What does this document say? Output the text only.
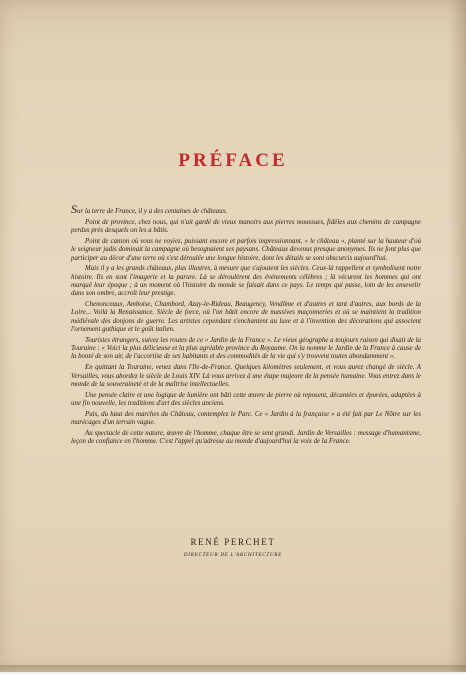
PRÉFACE

Sur la terre de France, il y a des centaines de châteaux.

Point de province, chez nous, qui n'ait gardé de vieux manoirs aux pierres moussues, fidèles aux chemins de campagne perdus près desquels on les a bâtis.

Point de canton où vous ne voyiez, puissant encore et parfois impressionnant, « le château », planté sur la hauteur d'où le seigneur jadis dominait la campagne où besognaient ses paysans. Châteaux devenus presque anonymes. Ils ne font plus que participer au décor d'une terre où s'est déroulée une longue histoire, dont les détails se sont obscurcis aujourd'hui.

Mais il y a les grands châteaux, plus illustres, à mesure que s'ajoutent les siècles. Ceux-là rappellent et symbolisent notre histoire. Ils en sont l'imagerie et la parure. Là se déroulèrent des événements célèbres ; là vécurent les hommes qui ont marqué leur époque ; à un moment où l'histoire du monde se faisait dans ce pays. Le temps qui passe, loin de les ensevelir dans son ombre, accroît leur prestige.

Chenonceaux, Amboise, Chambord, Azay-le-Rideau, Beaugency, Vendôme et d'autres et tant d'autres, aux bords de la Loire... Voilà la Renaissance. Siècle de force, où l'on bâtit encore de massives maçonneries et où se maintient la tradition médiévale des donjons de guerre. Les artistes cependant s'enchantent au luxe et à l'invention des décorations qui associent l'ornement gothique et le goût italien.

Touristes étrangers, suivez les routes de ce « Jardin de la France ». Le vieux géographe a toujours raison qui disait de la Touraine : « Voici la plus délicieuse et la plus agréable province du Royaume. On la nomme le Jardin de la France à cause de la bonté de son air, de l'accortise de ses habitants et des commodités de la vie qui s'y trouvent toutes abondamment ».

En quittant la Touraine, venez dans l'Ile-de-France. Quelques kilomètres seulement, et vous aurez changé de siècle. A Versailles, vous abordez le siècle de Louis XIV. Là vous arrivez à une étape majeure de la pensée humaine. Vous entrez dans le monde de la souveraineté et de la maîtrise intellectuelles.

Une pensée claire et une logique de lumière ont bâti cette œuvre de pierre où reposent, décantées et épurées, adaptées à une fin nouvelle, les traditions d'art des siècles anciens.

Puis, du haut des marches du Château, contemplez le Parc. Ce « Jardin à la française » a été fait par Le Nôtre sur les marécages d'un terrain vague.

Au spectacle de cette nature, œuvre de l'homme, chaque être se sent grandi. Jardin de Versailles : message d'humanisme, leçon de confiance en l'homme. C'est l'appel qu'adresse au monde d'aujourd'hui la voix de la France.

RENÉ PERCHET
DIRECTEUR DE L'ARCHITECTURE
